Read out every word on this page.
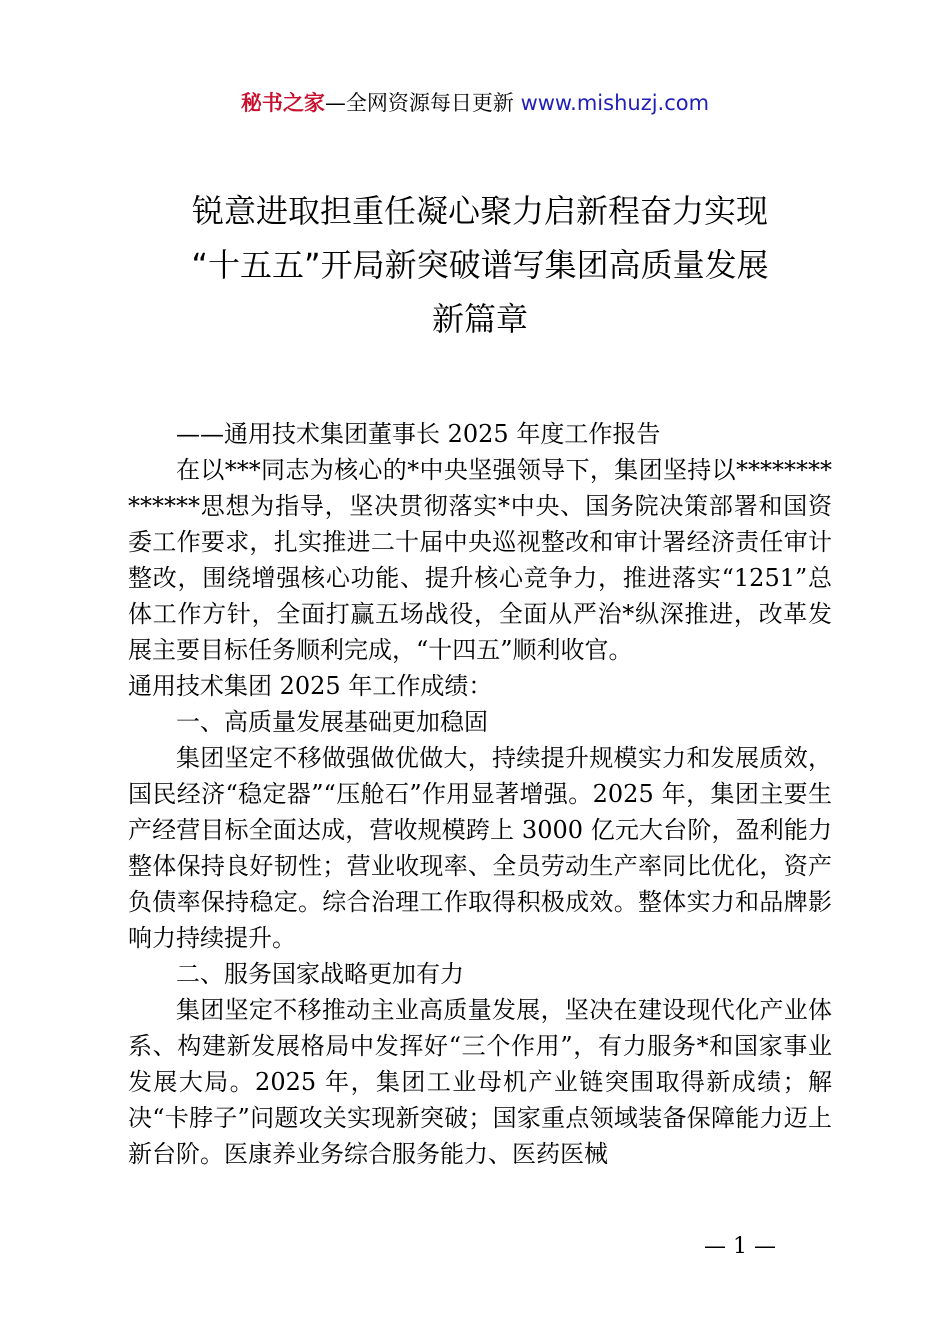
秘书之家—全网资源每日更新 www.mishuzj.com
锐意进取担重任凝心聚力启新程奋力实现
“十五五”开局新突破谱写集团高质量发展
新篇章

——通用技术集团董事长 2025 年度工作报告

在以***同志为核心的*中央坚强领导下，集团坚持以**************思想为指导，坚决贯彻落实*中央、国务院决策部署和国资委工作要求，扎实推进二十届中央巡视整改和审计署经济责任审计整改，围绕增强核心功能、提升核心竞争力，推进落实“1251”总体工作方针，全面打赢五场战役，全面从严治*纵深推进，改革发展主要目标任务顺利完成，“十四五”顺利收官。

通用技术集团 2025 年工作成绩：

一、高质量发展基础更加稳固

集团坚定不移做强做优做大，持续提升规模实力和发展质效，国民经济“稳定器”“压舱石”作用显著增强。2025 年，集团主要生产经营目标全面达成，营收规模跨上 3000 亿元大台阶，盈利能力整体保持良好韧性；营业收现率、全员劳动生产率同比优化，资产负债率保持稳定。综合治理工作取得积极成效。整体实力和品牌影响力持续提升。

二、服务国家战略更加有力

集团坚定不移推动主业高质量发展，坚决在建设现代化产业体系、构建新发展格局中发挥好“三个作用”，有力服务*和国家事业发展大局。2025 年，集团工业母机产业链突围取得新成绩；解决“卡脖子”问题攻关实现新突破；国家重点领域装备保障能力迈上新台阶。医康养业务综合服务能力、医药医械

— 1 —
